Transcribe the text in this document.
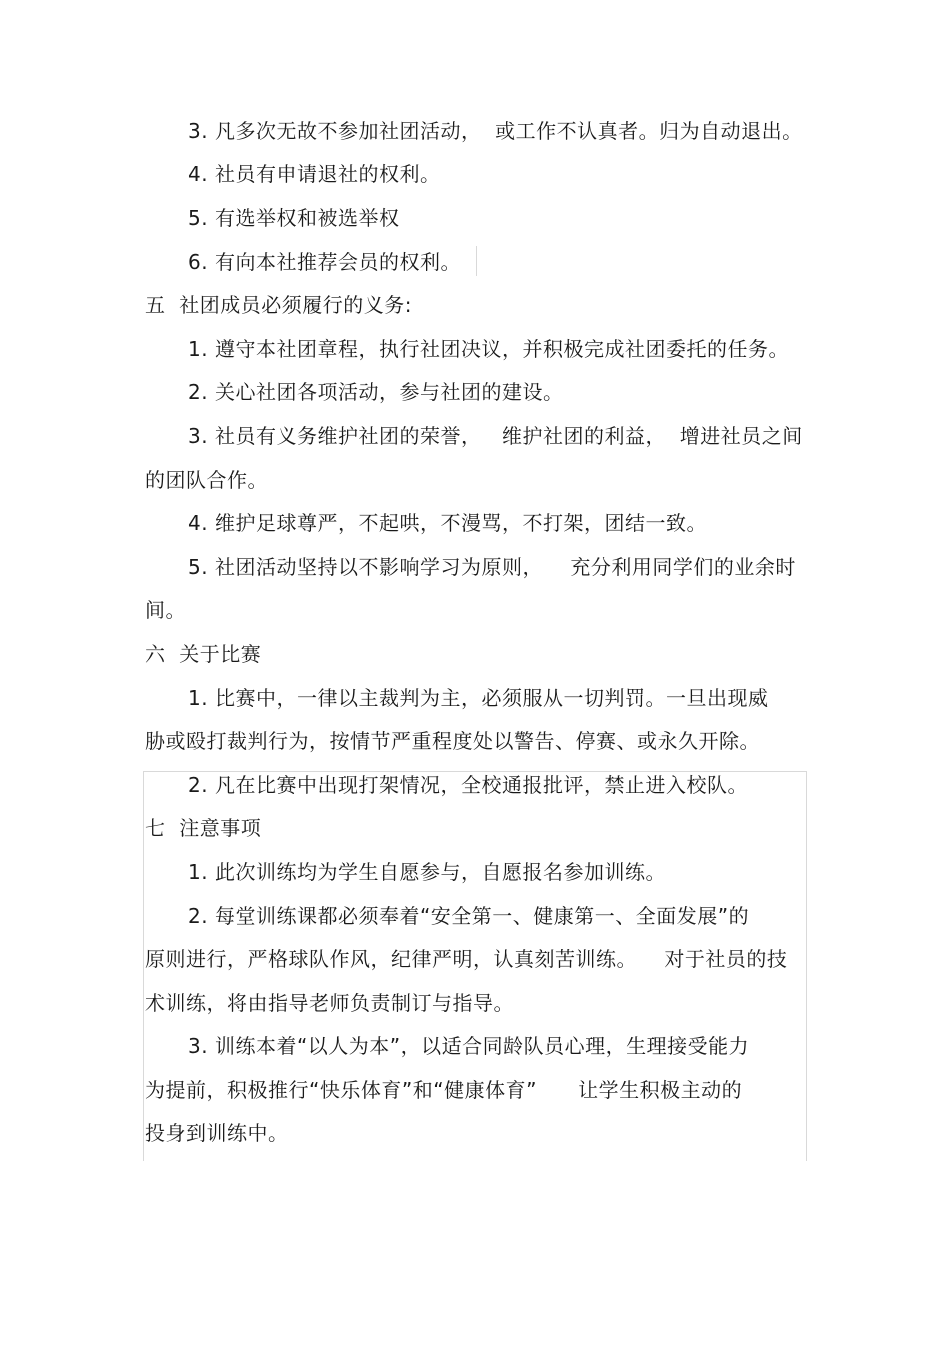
3. 凡多次无故不参加社团活动，  或工作不认真者。归为自动退出。
4. 社员有申请退社的权利。
5. 有选举权和被选举权
6. 有向本社推荐会员的权利。
五  社团成员必须履行的义务:
1. 遵守本社团章程，执行社团决议，并积极完成社团委托的任务。
2. 关心社团各项活动，参与社团的建设。
3. 社员有义务维护社团的荣誉，   维护社团的利益，  增进社员之间
的团队合作。
4. 维护足球尊严，不起哄，不漫骂，不打架，团结一致。
5. 社团活动坚持以不影响学习为原则，    充分利用同学们的业余时
间。
六  关于比赛
1. 比赛中，一律以主裁判为主，必须服从一切判罚。一旦出现威
胁或殴打裁判行为，按情节严重程度处以警告、停赛、或永久开除。
2. 凡在比赛中出现打架情况，全校通报批评，禁止进入校队。
七  注意事项
1. 此次训练均为学生自愿参与，自愿报名参加训练。
2. 每堂训练课都必须奉着“安全第一、健康第一、全面发展”的
原则进行，严格球队作风，纪律严明，认真刻苦训练。    对于社员的技
术训练，将由指导老师负责制订与指导。
3. 训练本着“以人为本”，以适合同龄队员心理，生理接受能力
为提前，积极推行“快乐体育”和“健康体育”      让学生积极主动的
投身到训练中。
